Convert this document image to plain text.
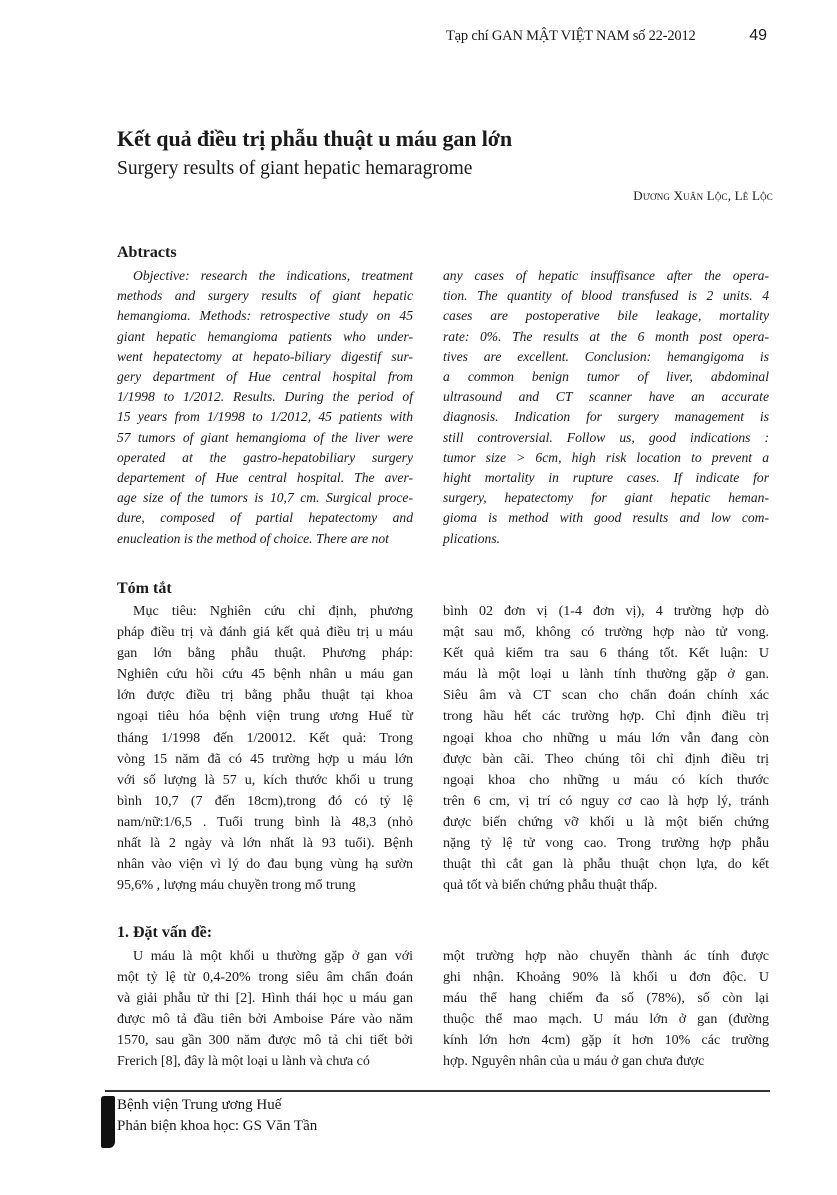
Tạp chí GAN MẬT VIỆT NAM số 22-2012	49
Kết quả điều trị phẫu thuật u máu gan lớn
Surgery results of giant hepatic hemaragrome
Dương Xuân Lộc, Lê Lộc
Abtracts
Objective: research the indications, treatment
methods and surgery results of giant hepatic
hemangioma. Methods: retrospective study on 45
giant hepatic hemangioma patients who under-
went hepatectomy at hepato-biliary digestif sur-
gery department of Hue central hospital from
1/1998 to 1/2012. Results. During the period of
15 years from 1/1998 to 1/2012, 45 patients with
57 tumors of giant hemangioma of the liver were
operated at the gastro-hepatobiliary surgery
departement of Hue central hospital. The aver-
age size of the tumors is 10,7 cm. Surgical proce-
dure, composed of partial hepatectomy and
enucleation is the method of choice. There are not
any cases of hepatic insuffisance after the opera-
tion. The quantity of blood transfused is 2 units. 4
cases are postoperative bile leakage, mortality
rate: 0%. The results at the 6 month post opera-
tives are excellent. Conclusion: hemangigoma is
a common benign tumor of liver, abdominal
ultrasound and CT scanner have an accurate
diagnosis. Indication for surgery management is
still controversial. Follow us, good indications :
tumor size > 6cm, high risk location to prevent a
hight mortality in rupture cases. If indicate for
surgery, hepatectomy for giant hepatic heman-
gioma is method with good results and low com-
plications.
Tóm tắt
Mục tiêu: Nghiên cứu chỉ định, phương
pháp điều trị và đánh giá kết quả điều trị u máu
gan lớn bằng phẫu thuật. Phương pháp:
Nghiên cứu hồi cứu 45 bệnh nhân u máu gan
lớn được điều trị bằng phẫu thuật tại khoa
ngoại tiêu hóa bệnh viện trung ương Huế từ
tháng 1/1998 đến 1/20012. Kết quả: Trong
vòng 15 năm đã có 45 trường hợp u máu lớn
với số lượng là 57 u, kích thước khối u trung
bình 10,7 (7 đến 18cm),trong đó có tỷ lệ
nam/nữ:1/6,5 . Tuổi trung bình là 48,3 (nhỏ
nhất là 2 ngày và lớn nhất là 93 tuổi). Bệnh
nhân vào viện vì lý do đau bụng vùng hạ sườn
95,6% , lượng máu chuyền trong mổ trung
bình 02 đơn vị (1-4 đơn vị), 4 trường hợp dò
mật sau mổ, không có trường hợp nào tử vong.
Kết quả kiểm tra sau 6 tháng tốt. Kết luận: U
máu là một loại u lành tính thường gặp ở gan.
Siêu âm và CT scan cho chẩn đoán chính xác
trong hầu hết các trường hợp. Chỉ định điều trị
ngoại khoa cho những u máu lớn vẫn đang còn
được bàn cãi. Theo chúng tôi chỉ định điều trị
ngoại khoa cho những u máu có kích thước
trên 6 cm, vị trí có nguy cơ cao là hợp lý, tránh
được biến chứng vỡ khối u là một biến chứng
nặng tỷ lệ tử vong cao. Trong trường hợp phẫu
thuật thì cắt gan là phẫu thuật chọn lựa, do kết
quả tốt và biến chứng phẫu thuật thấp.
1. Đặt vấn đề:
U máu là một khối u thường gặp ở gan với
một tỷ lệ từ 0,4-20% trong siêu âm chẩn đoán
và giải phẫu tử thi [2]. Hình thái học u máu gan
được mô tả đầu tiên bởi Amboise Páre vào năm
1570, sau gần 300 năm được mô tả chi tiết bởi
Frerich [8], đây là một loại u lành và chưa có
một trường hợp nào chuyển thành ác tính được
ghi nhận. Khoảng 90% là khối u đơn độc. U
máu thể hang chiếm đa số (78%), số còn lại
thuộc thể mao mạch. U máu lớn ở gan (đường
kính lớn hơn 4cm) gặp ít hơn 10% các trường
hợp. Nguyên nhân của u máu ở gan chưa được
Bệnh viện Trung ương Huế
Phản biện khoa học: GS Văn Tần
